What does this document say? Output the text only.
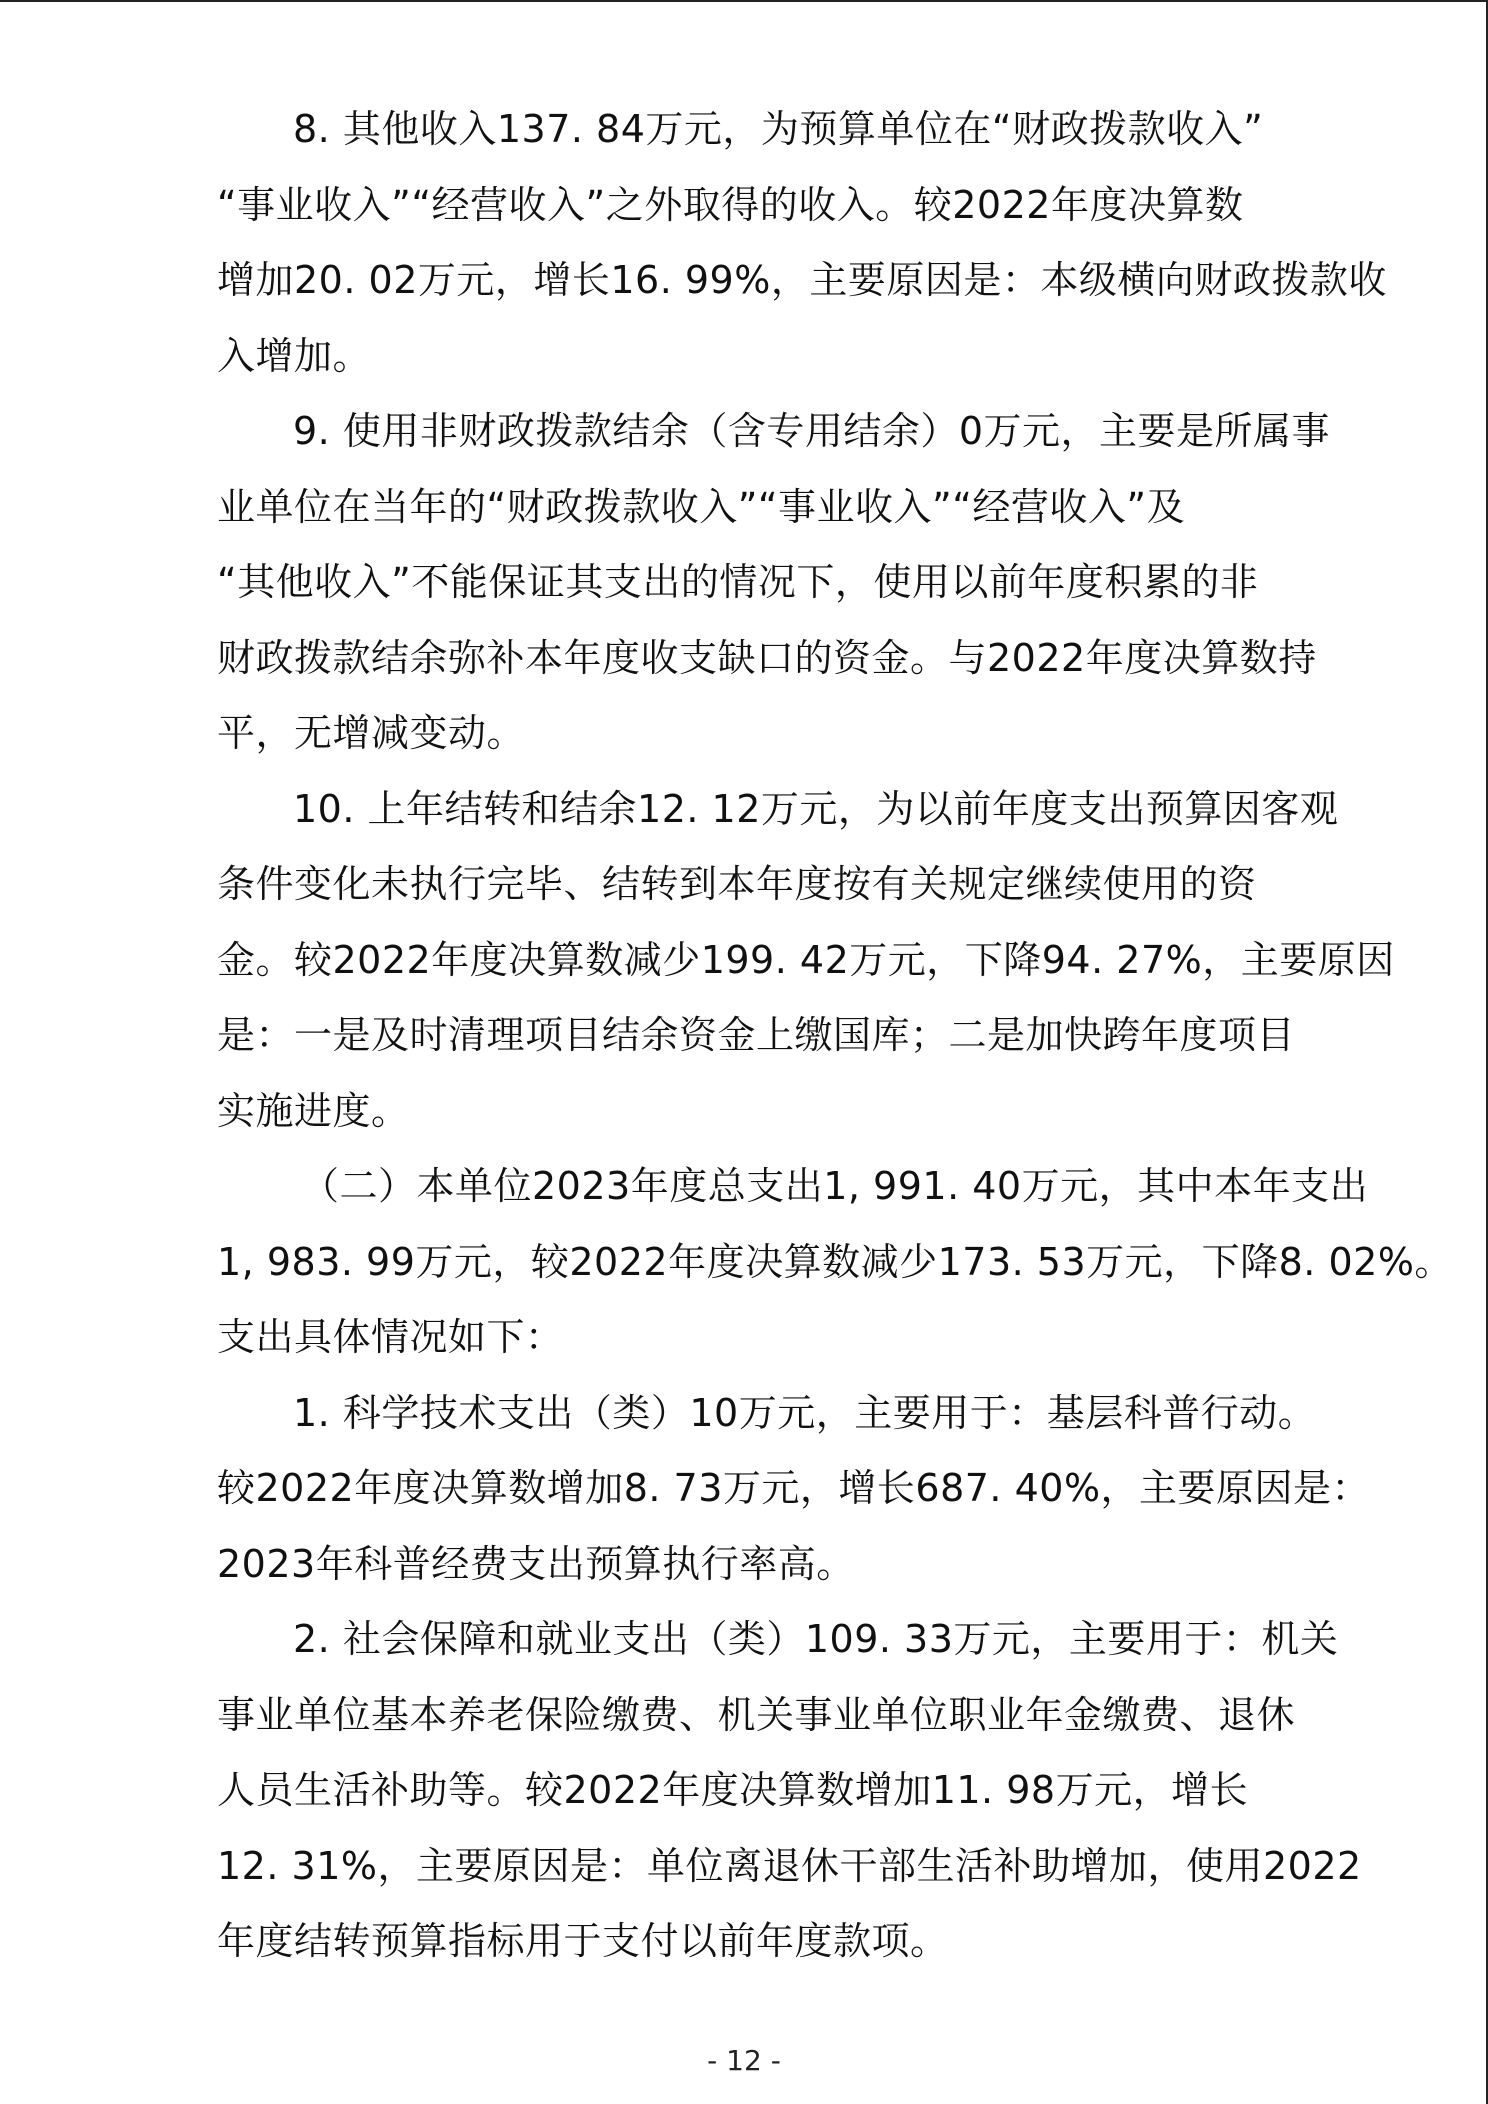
8. 其他收入137. 84万元，为预算单位在“财政拨款收入”
“事业收入”“经营收入”之外取得的收入。较2022年度决算数
增加20. 02万元，增长16. 99%，主要原因是：本级横向财政拨款收
入增加。
9. 使用非财政拨款结余（含专用结余）0万元，主要是所属事
业单位在当年的“财政拨款收入”“事业收入”“经营收入”及
“其他收入”不能保证其支出的情况下，使用以前年度积累的非
财政拨款结余弥补本年度收支缺口的资金。与2022年度决算数持
平，无增减变动。
10. 上年结转和结余12. 12万元，为以前年度支出预算因客观
条件变化未执行完毕、结转到本年度按有关规定继续使用的资
金。较2022年度决算数减少199. 42万元，下降94. 27%，主要原因
是：一是及时清理项目结余资金上缴国库；二是加快跨年度项目
实施进度。
（二）本单位2023年度总支出1, 991. 40万元，其中本年支出
1, 983. 99万元，较2022年度决算数减少173. 53万元，下降8. 02%。
支出具体情况如下：
1. 科学技术支出（类）10万元，主要用于：基层科普行动。
较2022年度决算数增加8. 73万元，增长687. 40%，主要原因是：
2023年科普经费支出预算执行率高。
2. 社会保障和就业支出（类）109. 33万元，主要用于：机关
事业单位基本养老保险缴费、机关事业单位职业年金缴费、退休
人员生活补助等。较2022年度决算数增加11. 98万元，增长
12. 31%，主要原因是：单位离退休干部生活补助增加，使用2022
年度结转预算指标用于支付以前年度款项。
- 12 -
